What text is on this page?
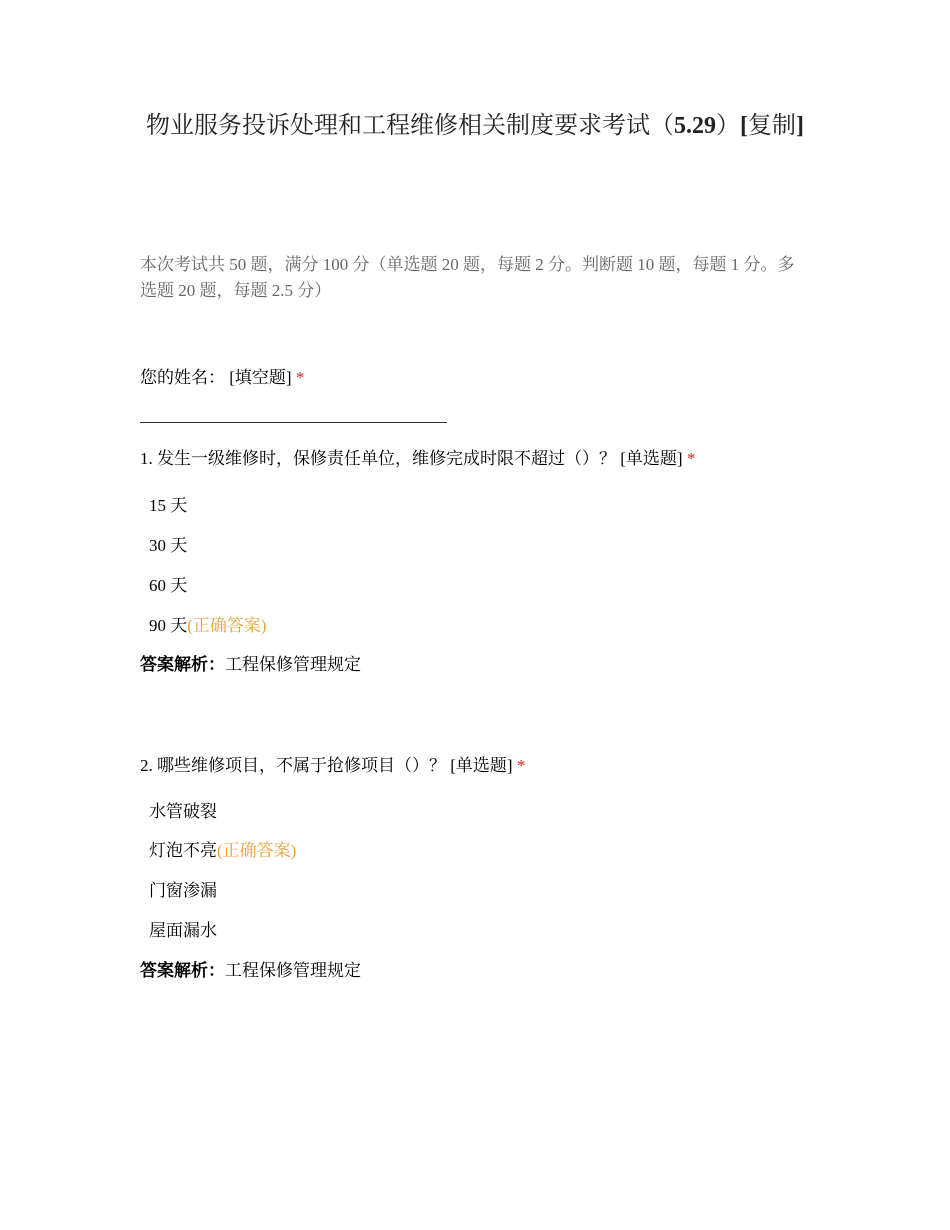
物业服务投诉处理和工程维修相关制度要求考试（5.29）[复制]
本次考试共 50 题，满分 100 分（单选题 20 题，每题 2 分。判断题 10 题，每题 1 分。多选题 20 题，每题 2.5 分）
您的姓名： [填空题] *
1. 发生一级维修时，保修责任单位，维修完成时限不超过（）？ [单选题] *
15 天
30 天
60 天
90 天(正确答案)
答案解析：工程保修管理规定
2. 哪些维修项目，不属于抢修项目（）？ [单选题] *
水管破裂
灯泡不亮(正确答案)
门窗渗漏
屋面漏水
答案解析：工程保修管理规定
